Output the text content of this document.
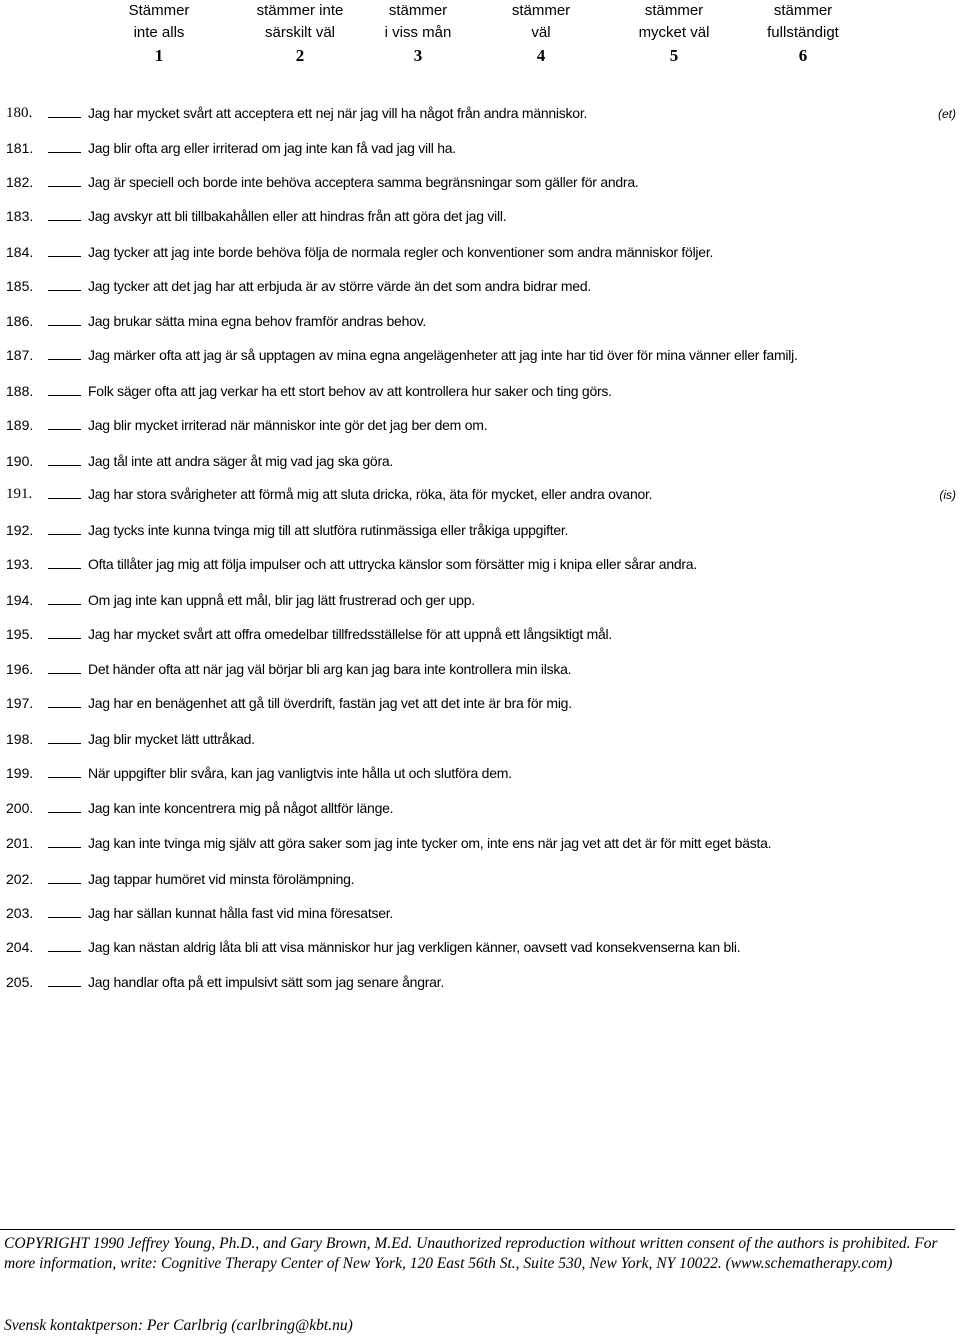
Stämmer
inte alls
1
stämmer inte
särskilt väl
2
stämmer
i viss mån
3
stämmer
väl
4
stämmer
mycket väl
5
stämmer
fullständigt
6
180.	Jag har mycket svårt att acceptera ett nej när jag vill ha något från andra människor.	(et)
181.	Jag blir ofta arg eller irriterad om jag inte kan få vad jag vill ha.
182.	Jag är speciell och borde inte behöva acceptera samma begränsningar som gäller för andra.
183.	Jag avskyr att bli tillbakahållen eller att hindras från att göra det jag vill.
184.	Jag tycker att jag inte borde behöva följa de normala regler och konventioner som andra människor följer.
185.	Jag tycker att det jag har att erbjuda är av större värde än det som andra bidrar med.
186.	Jag brukar sätta mina egna behov framför andras behov.
187.	Jag märker ofta att jag är så upptagen av mina egna angelägenheter att jag inte har tid över för mina vänner eller familj.
188.	Folk säger ofta att jag verkar ha ett stort behov av att kontrollera hur saker och ting görs.
189.	Jag blir mycket irriterad när människor inte gör det jag ber dem om.
190.	Jag tål inte att andra säger åt mig vad jag ska göra.
191.	Jag har stora svårigheter att förmå mig att sluta dricka, röka, äta för mycket, eller andra ovanor.	(is)
192.	Jag tycks inte kunna tvinga mig till att slutföra rutinmässiga eller tråkiga uppgifter.
193.	Ofta tillåter jag mig att följa impulser och att uttrycka känslor som försätter mig i knipa eller sårar andra.
194.	Om jag inte kan uppnå ett mål, blir jag lätt frustrerad och ger upp.
195.	Jag har mycket svårt att offra omedelbar tillfredsställelse för att uppnå ett långsiktigt mål.
196.	Det händer ofta att när jag väl börjar bli arg kan jag bara inte kontrollera min ilska.
197.	Jag har en benägenhet att gå till överdrift, fastän jag vet att det inte är bra för mig.
198.	Jag blir mycket lätt uttråkad.
199.	När uppgifter blir svåra, kan jag vanligtvis inte hålla ut och slutföra dem.
200.	Jag kan inte koncentrera mig på något alltför länge.
201.	Jag kan inte tvinga mig själv att göra saker som jag inte tycker om, inte ens när jag vet att det är för mitt eget bästa.
202.	Jag tappar humöret vid minsta förolämpning.
203.	Jag har sällan kunnat hålla fast vid mina föresatser.
204.	Jag kan nästan aldrig låta bli att visa människor hur jag verkligen känner, oavsett vad konsekvenserna kan bli.
205.	Jag handlar ofta på ett impulsivt sätt som jag senare ångrar.
COPYRIGHT 1990 Jeffrey Young, Ph.D., and Gary Brown, M.Ed. Unauthorized reproduction without written consent of the authors is prohibited. For more information, write: Cognitive Therapy Center of New York, 120 East 56th St., Suite 530, New York, NY 10022. (www.schematherapy.com)
Svensk kontaktperson: Per Carlbrig (carlbring@kbt.nu)
